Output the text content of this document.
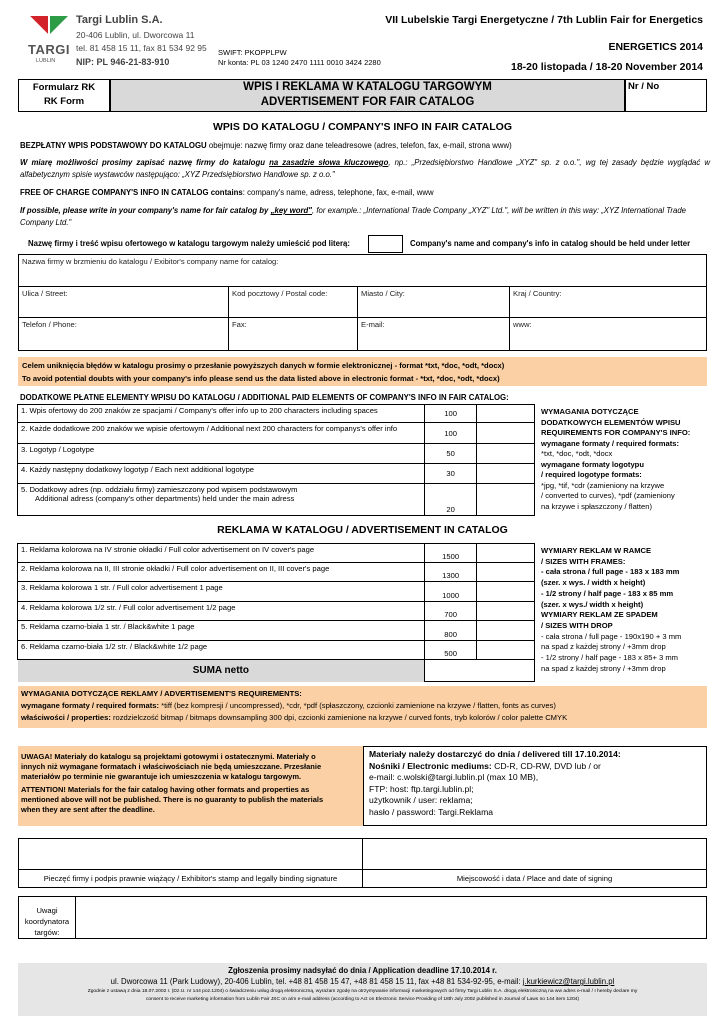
TARGI
LUBLIN
Targi Lublin S.A.
20-406 Lublin, ul. Dworcowa 11
tel. 81 458 15 11, fax 81 534 92 95
NIP: PL 946-21-83-910
SWIFT: PKOPPLPW
Nr konta: PL 03 1240 2470 1111 0010 3424 2280
VII Lubelskie Targi Energetyczne / 7th Lublin Fair for Energetics
ENERGETICS 2014
18-20 listopada / 18-20 November 2014
Formularz RK
RK Form
WPIS I REKLAMA W KATALOGU TARGOWYM
ADVERTISEMENT FOR FAIR CATALOG
Nr / No
WPIS DO KATALOGU / COMPANY'S INFO IN FAIR CATALOG
BEZPŁATNY WPIS PODSTAWOWY DO KATALOGU obejmuje: nazwę firmy oraz dane teleadresowe (adres, telefon, fax, e-mail, strona www)
W miarę możliwości prosimy zapisać nazwę firmy do katalogu na zasadzie słowa kluczowego, np.: „Przedsiębiorstwo Handlowe „XYZ" sp. z o.o.", wg tej zasady będzie wyglądać w alfabetycznym spisie wystawców następująco: „XYZ Przedsiębiorstwo Handlowe sp. z o.o."
FREE OF CHARGE COMPANY'S INFO IN CATALOG contains: company's name, adress, telephone, fax, e-mail, www
If possible, please write in your company's name for fair catalog by „key word", for example.: „International Trade Company „XYZ" Ltd.", will be written in this way: „XYZ International Trade Company Ltd."
Nazwę firmy i treść wpisu ofertowego w katalogu targowym należy umieścić pod literą:	Company's name and company's info in catalog should be held under letter
Nazwa firmy w brzmieniu do katalogu / Exibitor's company name for catalog:
Ulica / Street:	Kod pocztowy / Postal code:	Miasto / City:	Kraj / Country:
Telefon / Phone:	Fax:	E-mail:	www:
Celem uniknięcia błędów w katalogu prosimy o przesłanie powyższych danych w formie elektronicznej - format *txt, *doc, *odt, *docx)
To avoid potential doubts with your company's info please send us the data listed above in electronic format - *txt, *doc, *odt, *docx)
DODATKOWE PŁATNE ELEMENTY WPISU DO KATALOGU / ADDITIONAL PAID ELEMENTS OF COMPANY'S INFO IN FAIR CATALOG:
1. Wpis ofertowy do 200 znaków ze spacjami / Company's offer info up to 200 characters including spaces	100	
2. Każde dodatkowe 200 znaków we wpisie ofertowym / Additional next 200 characters for companys's offer info	100	
3. Logotyp / Logotype	50	
4. Każdy następny dodatkowy logotyp / Each next additional logotype	30	

5. Dodatkowy adres (np. oddziału firmy) zamieszczony pod wpisem podstawowym
Additional adress (company's other departments) held under the main adress	20	
WYMAGANIA DOTYCZĄCE
DODATKOWYCH ELEMENTÓW WPISU
REQUIREMENTS FOR COMPANY'S INFO:
wymagane formaty / required formats:
*txt, *doc, *odt, *docx
wymagane formaty logotypu
/ required logotype formats:
*jpg, *tif, *cdr (zamieniony na krzywe
/ converted to curves), *pdf (zamieniony
na krzywe i spłaszczony / flatten)
REKLAMA W KATALOGU / ADVERTISEMENT IN CATALOG
1. Reklama kolorowa na IV stronie okładki / Full color advertisement on IV cover's page	1500	
2. Reklama kolorowa na II, III stronie okładki / Full color advertisement on II, III cover's page	1300	
3. Reklama kolorowa 1 str. / Full color advertisement 1 page	1000	
4. Reklama kolorowa 1/2 str. / Full color advertisement 1/2 page	700	
5. Reklama czarno-biała 1 str. / Black&white 1 page	800	
6. Reklama czarno-biała 1/2 str. / Black&white 1/2 page	500	
SUMA netto		
WYMIARY REKLAM W RAMCE
/ SIZES WITH FRAMES:
- cała strona / full page - 183 x 183 mm
(szer. x wys. / width x height)
- 1/2 strony / half page - 183 x 85 mm
(szer. x wys./ width x height)
WYMIARY REKLAM ZE SPADEM
/ SIZES WITH DROP
- cała strona / full page - 190x190 + 3 mm
na spad z każdej strony / +3mm drop
- 1/2 strony / half page - 183 x 85+ 3 mm
na spad z każdej strony / +3mm drop
WYMAGANIA DOTYCZĄCE REKLAMY / ADVERTISEMENT'S REQUIREMENTS:
wymagane formaty / required formats: *tiff (bez kompresji / uncompressed), *cdr, *pdf (spłaszczony, czcionki zamienione na krzywe / flatten, fonts as curves)
właściwości / properties: rozdzielczość bitmap / bitmaps downsampling 300 dpi, czcionki zamienione na krzywe / curved fonts, tryb kolorów / color palette CMYK
UWAGA! Materiały do katalogu są projektami gotowymi i ostatecznymi. Materiały o innych niż wymagane formatach i właściwościach nie będą umieszczane. Przesłanie materiałów po terminie nie gwarantuje ich umieszczenia w katalogu targowym.
ATTENTION! Materials for the fair catalog having other formats and properties as mentioned above will not be published. There is no guaranty to publish the materials when they are sent after the deadline.
Materiały należy dostarczyć do dnia / delivered till 17.10.2014:
Nośniki / Electronic mediums: CD-R, CD-RW, DVD lub / or
e-mail: c.wolski@targi.lublin.pl (max 10 MB),
FTP: host: ftp.targi.lublin.pl;
użytkownik / user: reklama;
hasło / password: Targi.Reklama
Pieczęć firmy i podpis prawnie wiążący / Exhibitor's stamp and legally binding signature	Miejscowość i data / Place and date of signing
Uwagi koordynatora targów:
Zgłoszenia prosimy nadsyłać do dnia / Application deadline 17.10.2014 r.
ul. Dworcowa 11 (Park Ludowy), 20-406 Lublin, tel. +48 81 458 15 47, +48 81 458 15 11, fax +48 81 534-92-95, e-mail: j.kurkiewicz@targi.lublin.pl
Zgodnie z ustawą z dnia 18.07.2002 r. (Dz.U. nr 144 poz.1204) o świadczeniu usług drogą elektroniczną, wyrażam zgodę na otrzymywanie informacji marketingowych od firmy Targi Lublin S.A. drogą elektroniczną na ww adres e-mail / I hereby declare my
consent to receive marketing information from Lublin Fair JSC on a/m e-mail address (according to Act on Electronic Service Providing of 18th July 2002 published in Journal of Laws no 144 item 1204)
